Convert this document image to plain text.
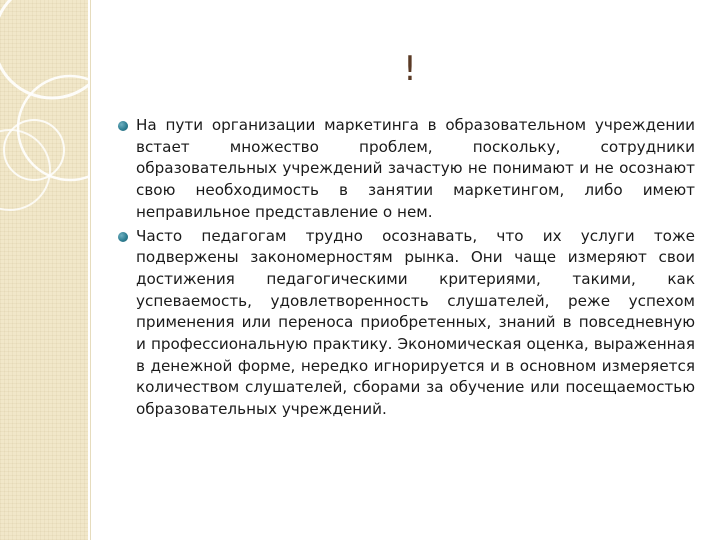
!
На пути организации маркетинга в образовательном учреждении встает множество проблем, поскольку, сотрудники образовательных учреждений зачастую не понимают и не осознают свою необходимость в занятии маркетингом, либо имеют неправильное представление о нем.
Часто педагогам трудно осознавать, что их услуги тоже подвержены закономерностям рынка. Они чаще измеряют свои достижения педагогическими критериями, такими, как успеваемость, удовлетворенность слушателей, реже успехом применения или переноса приобретенных, знаний в повседневную и профессиональную практику. Экономическая оценка, выраженная в денежной форме, нередко игнорируется и в основном измеряется количеством слушателей, сборами за обучение или посещаемостью образовательных учреждений.
